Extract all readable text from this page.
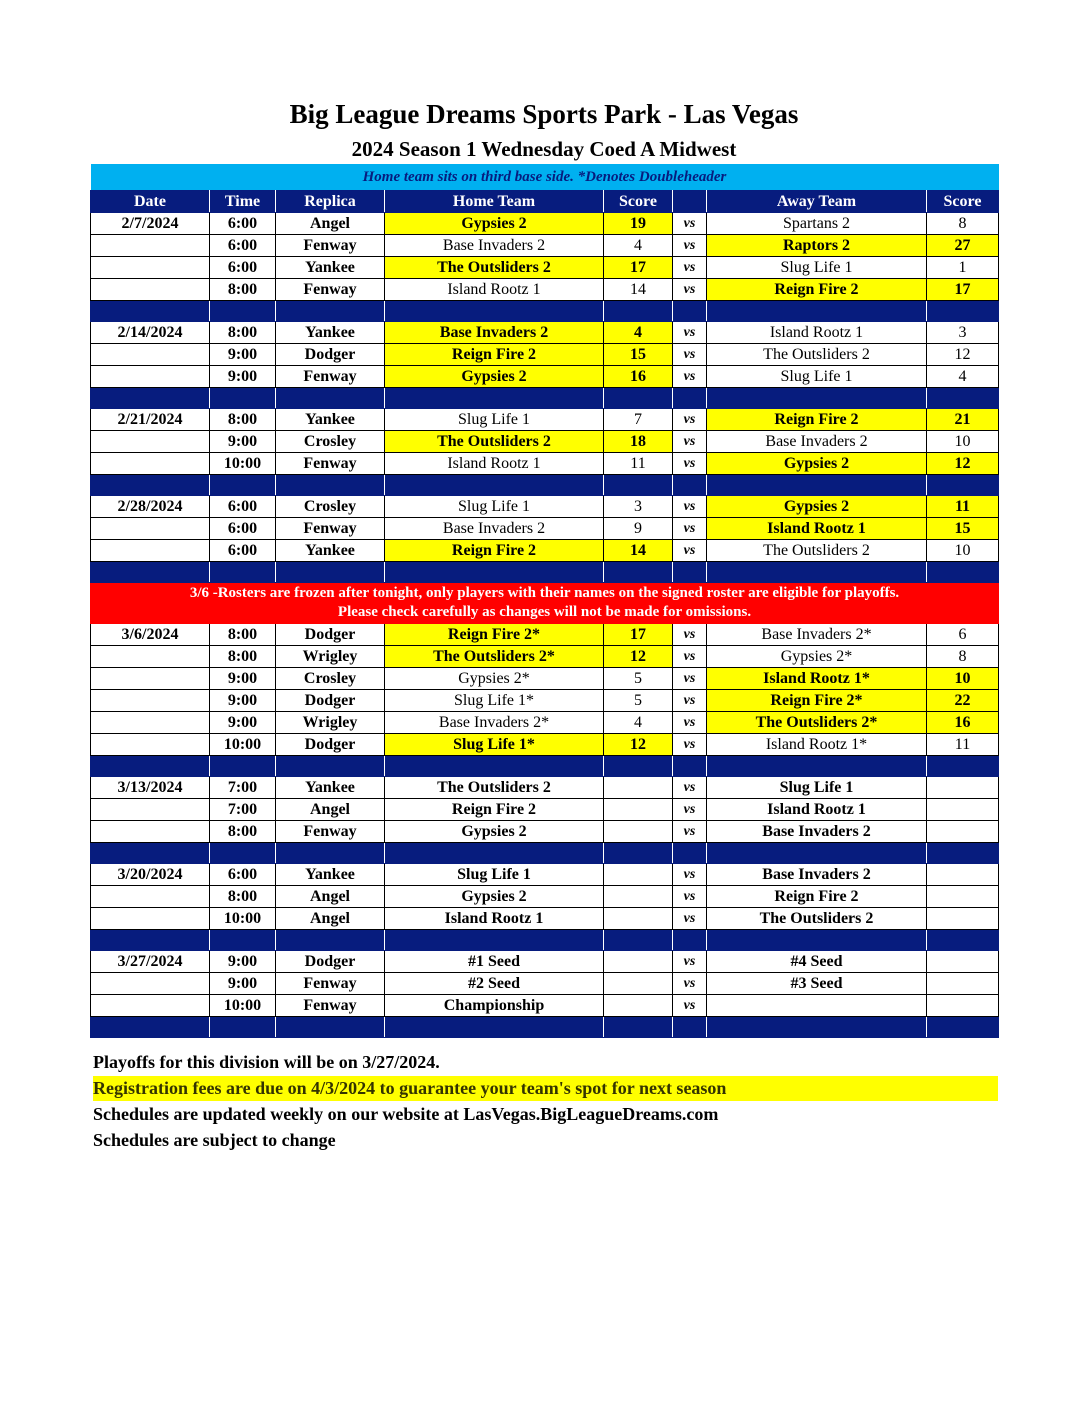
Big League Dreams Sports Park - Las Vegas
2024 Season 1 Wednesday Coed A Midwest
Home team sits on third base side. *Denotes Doubleheader							
Date	Time	Replica	Home Team	Score		Away Team	Score
2/7/2024	6:00	Angel	Gypsies 2	19	vs	Spartans 2	8
	6:00	Fenway	Base Invaders 2	4	vs	Raptors 2	27
	6:00	Yankee	The Outsliders 2	17	vs	Slug Life 1	1
	8:00	Fenway	Island Rootz 1	14	vs	Reign Fire 2	17

2/14/2024	8:00	Yankee	Base Invaders 2	4	vs	Island Rootz 1	3
	9:00	Dodger	Reign Fire 2	15	vs	The Outsliders 2	12
	9:00	Fenway	Gypsies 2	16	vs	Slug Life 1	4

2/21/2024	8:00	Yankee	Slug Life 1	7	vs	Reign Fire 2	21
	9:00	Crosley	The Outsliders 2	18	vs	Base Invaders 2	10
	10:00	Fenway	Island Rootz 1	11	vs	Gypsies 2	12

2/28/2024	6:00	Crosley	Slug Life 1	3	vs	Gypsies 2	11
	6:00	Fenway	Base Invaders 2	9	vs	Island Rootz 1	15
	6:00	Yankee	Reign Fire 2	14	vs	The Outsliders 2	10

3/6 -Rosters are frozen after tonight, only players with their names on the signed roster are eligible for playoffs.
Please check carefully as changes will not be made for omissions.							

3/6/2024	8:00	Dodger	Reign Fire 2*	17	vs	Base Invaders 2*	6
	8:00	Wrigley	The Outsliders 2*	12	vs	Gypsies 2*	8
	9:00	Crosley	Gypsies 2*	5	vs	Island Rootz 1*	10
	9:00	Dodger	Slug Life 1*	5	vs	Reign Fire 2*	22
	9:00	Wrigley	Base Invaders 2*	4	vs	The Outsliders 2*	16
	10:00	Dodger	Slug Life 1*	12	vs	Island Rootz 1*	11

3/13/2024	7:00	Yankee	The Outsliders 2		vs	Slug Life 1	
	7:00	Angel	Reign Fire 2		vs	Island Rootz 1	
	8:00	Fenway	Gypsies 2		vs	Base Invaders 2	

3/20/2024	6:00	Yankee	Slug Life 1		vs	Base Invaders 2	
	8:00	Angel	Gypsies 2		vs	Reign Fire 2	
	10:00	Angel	Island Rootz 1		vs	The Outsliders 2	

3/27/2024	9:00	Dodger	#1 Seed		vs	#4 Seed	
	9:00	Fenway	#2 Seed		vs	#3 Seed	
	10:00	Fenway	Championship		vs		

Playoffs for this division will be on 3/27/2024.
Registration fees are due on 4/3/2024 to guarantee your team's spot for next season
Schedules are updated weekly on our website at LasVegas.BigLeagueDreams.com
Schedules are subject to change
